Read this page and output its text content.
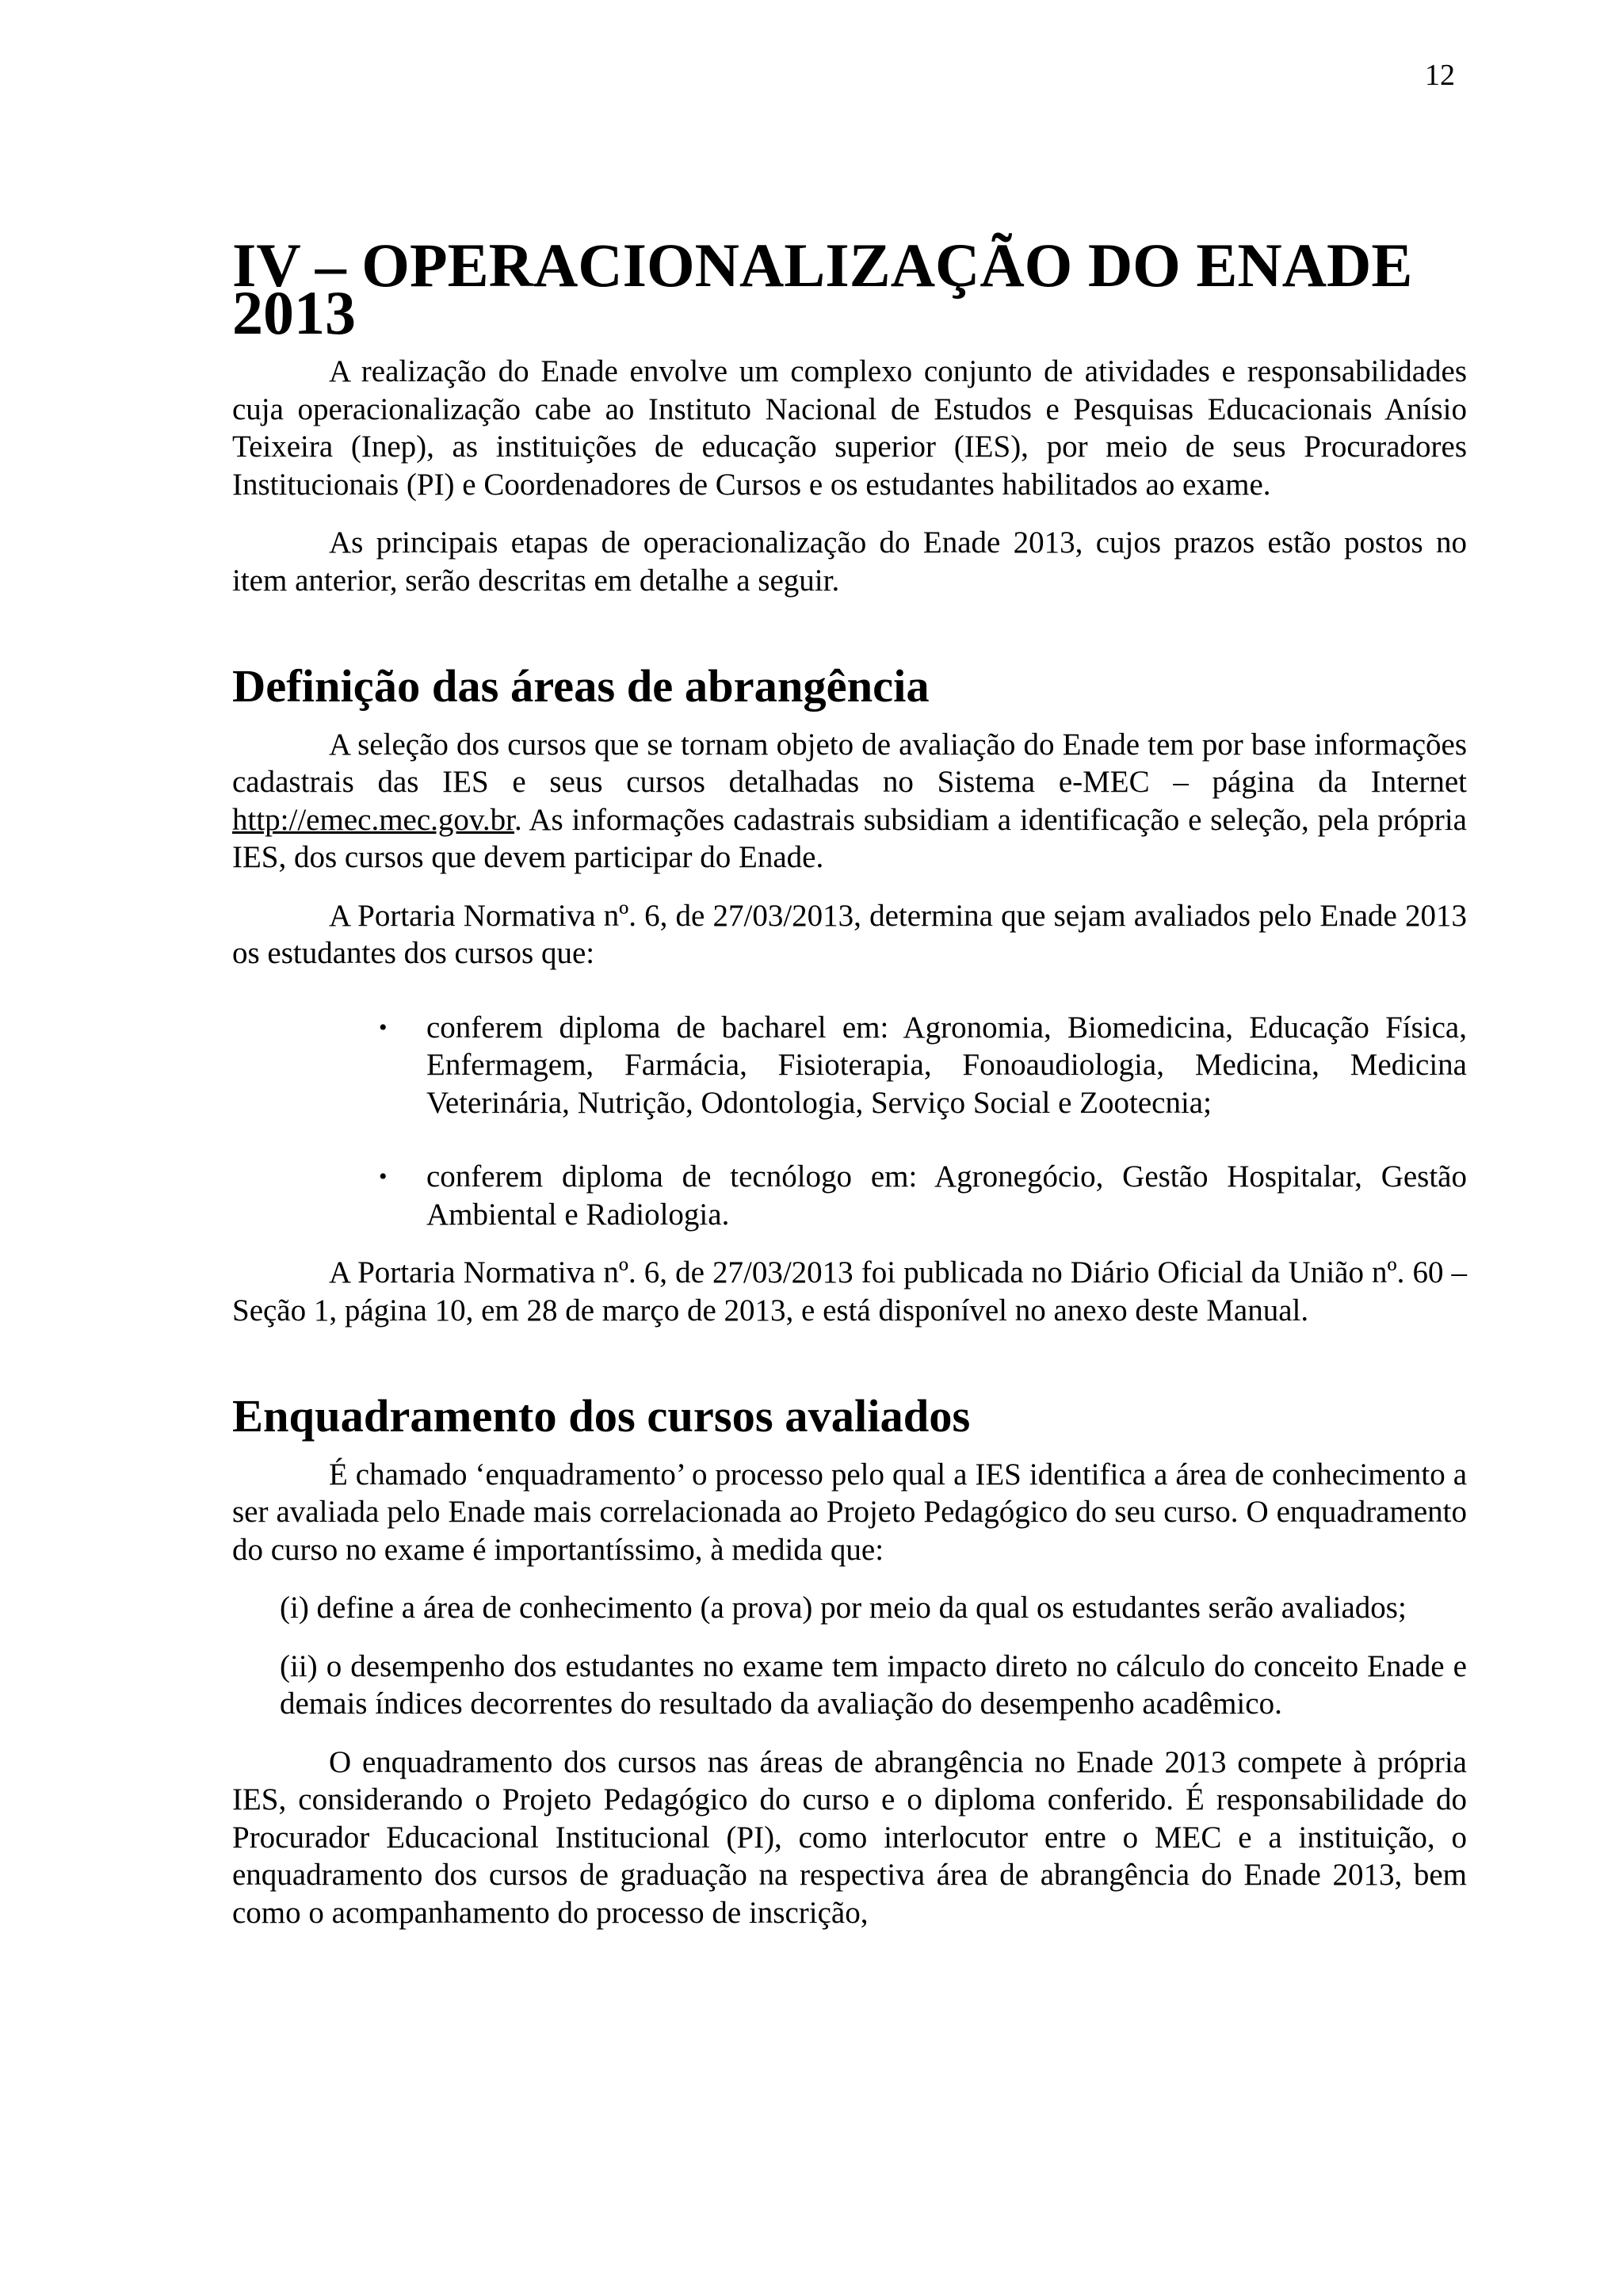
12
IV – OPERACIONALIZAÇÃO DO ENADE 2013

A realização do Enade envolve um complexo conjunto de atividades e responsabilidades cuja operacionalização cabe ao Instituto Nacional de Estudos e Pesquisas Educacionais Anísio Teixeira (Inep), as instituições de educação superior (IES), por meio de seus Procuradores Institucionais (PI) e Coordenadores de Cursos e os estudantes habilitados ao exame.

As principais etapas de operacionalização do Enade 2013, cujos prazos estão postos no item anterior, serão descritas em detalhe a seguir.

Definição das áreas de abrangência

A seleção dos cursos que se tornam objeto de avaliação do Enade tem por base informações cadastrais das IES e seus cursos detalhadas no Sistema e-MEC – página da Internet http://emec.mec.gov.br. As informações cadastrais subsidiam a identificação e seleção, pela própria IES, dos cursos que devem participar do Enade.

A Portaria Normativa nº. 6, de 27/03/2013, determina que sejam avaliados pelo Enade 2013 os estudantes dos cursos que:

• conferem diploma de bacharel em: Agronomia, Biomedicina, Educação Física, Enfermagem, Farmácia, Fisioterapia, Fonoaudiologia, Medicina, Medicina Veterinária, Nutrição, Odontologia, Serviço Social e Zootecnia;
• conferem diploma de tecnólogo em: Agronegócio, Gestão Hospitalar, Gestão Ambiental e Radiologia.

A Portaria Normativa nº. 6, de 27/03/2013 foi publicada no Diário Oficial da União nº. 60 – Seção 1, página 10, em 28 de março de 2013, e está disponível no anexo deste Manual.

Enquadramento dos cursos avaliados

É chamado ‘enquadramento’ o processo pelo qual a IES identifica a área de conhecimento a ser avaliada pelo Enade mais correlacionada ao Projeto Pedagógico do seu curso. O enquadramento do curso no exame é importantíssimo, à medida que:

(i) define a área de conhecimento (a prova) por meio da qual os estudantes serão avaliados;
(ii) o desempenho dos estudantes no exame tem impacto direto no cálculo do conceito Enade e demais índices decorrentes do resultado da avaliação do desempenho acadêmico.

O enquadramento dos cursos nas áreas de abrangência no Enade 2013 compete à própria IES, considerando o Projeto Pedagógico do curso e o diploma conferido. É responsabilidade do Procurador Educacional Institucional (PI), como interlocutor entre o MEC e a instituição, o enquadramento dos cursos de graduação na respectiva área de abrangência do Enade 2013, bem como o acompanhamento do processo de inscrição,
